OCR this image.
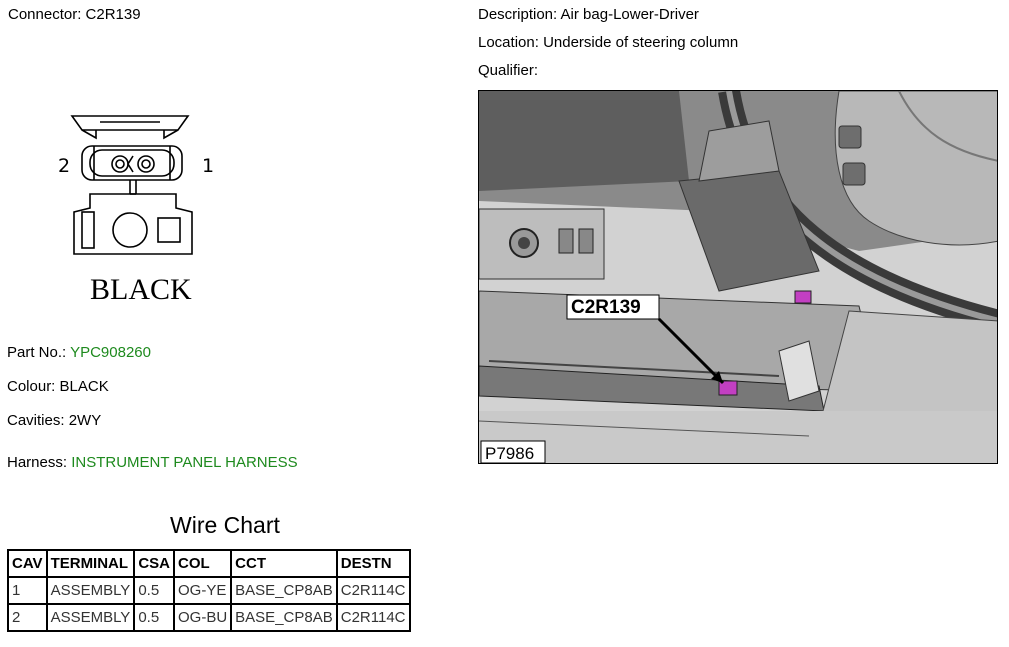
Connector: C2R139	Description: Air bag-Lower-Driver
Location: Underside of steering column
Qualifier:
2	1
BLACK
Part No.: YPC908260
Colour: BLACK
Cavities: 2WY
Harness: INSTRUMENT PANEL HARNESS
C2R139
P7986
Wire Chart
CAV	TERMINAL	CSA	COL	CCT	DESTN
1	ASSEMBLY	0.5	OG-YE	BASE_CP8AB	C2R114C
2	ASSEMBLY	0.5	OG-BU	BASE_CP8AB	C2R114C
